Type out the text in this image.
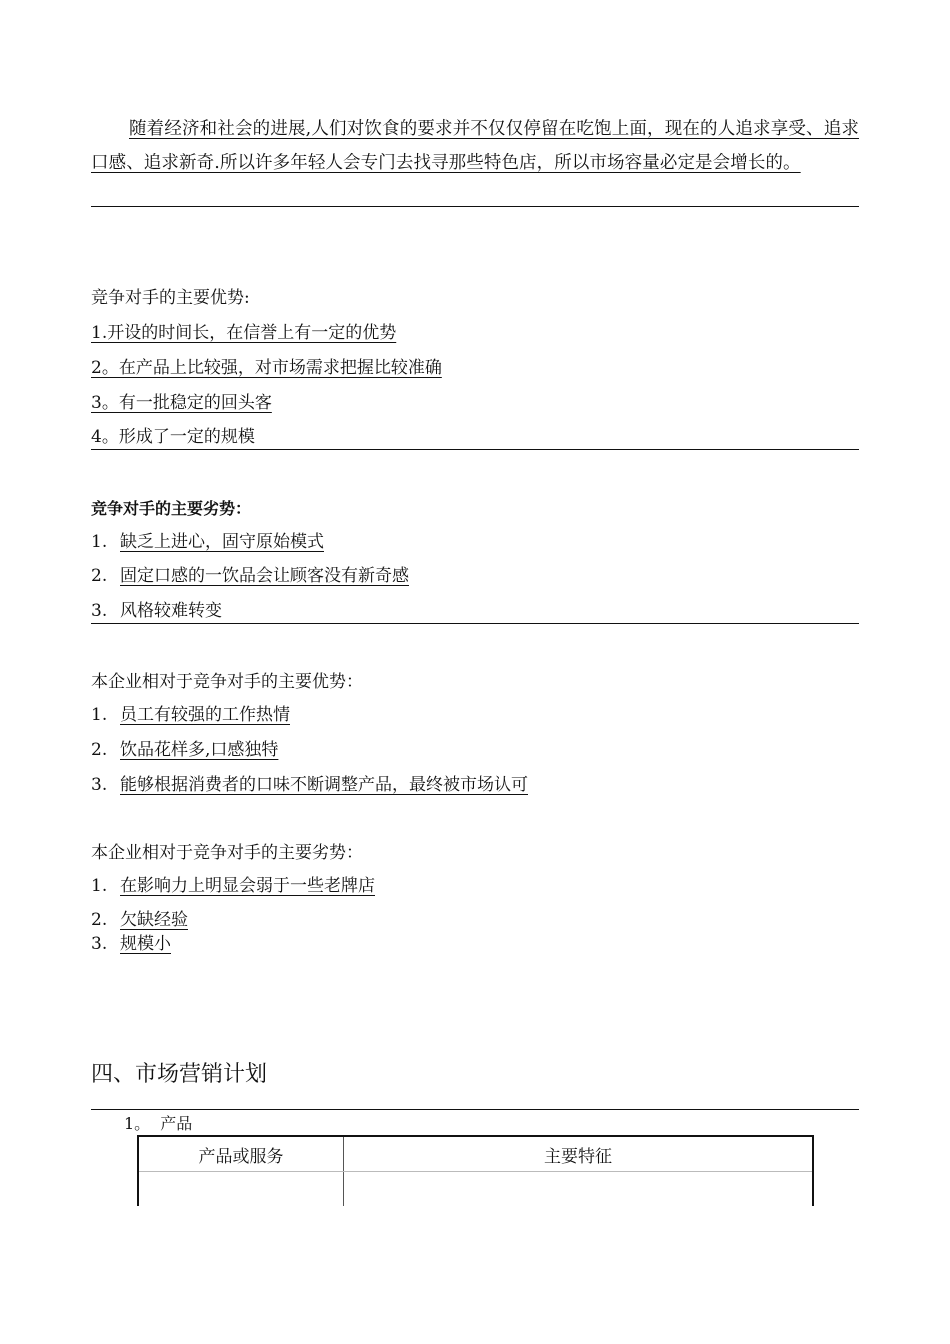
随着经济和社会的进展,人们对饮食的要求并不仅仅停留在吃饱上面，现在的人追求享受、追求口感、追求新奇.所以许多年轻人会专门去找寻那些特色店，所以市场容量必定是会增长的。
竞争对手的主要优势:
1.开设的时间长，在信誉上有一定的优势
2。在产品上比较强，对市场需求把握比较准确
3。有一批稳定的回头客
4。形成了一定的规模
竞争对手的主要劣势：
1. 缺乏上进心，固守原始模式
2. 固定口感的一饮品会让顾客没有新奇感
3. 风格较难转变
本企业相对于竞争对手的主要优势：
1. 员工有较强的工作热情
2. 饮品花样多,口感独特
3. 能够根据消费者的口味不断调整产品，最终被市场认可
本企业相对于竞争对手的主要劣势：
1. 在影响力上明显会弱于一些老牌店
2. 欠缺经验
3. 规模小
四、市场营销计划
1。 产品
产品或服务	主要特征
